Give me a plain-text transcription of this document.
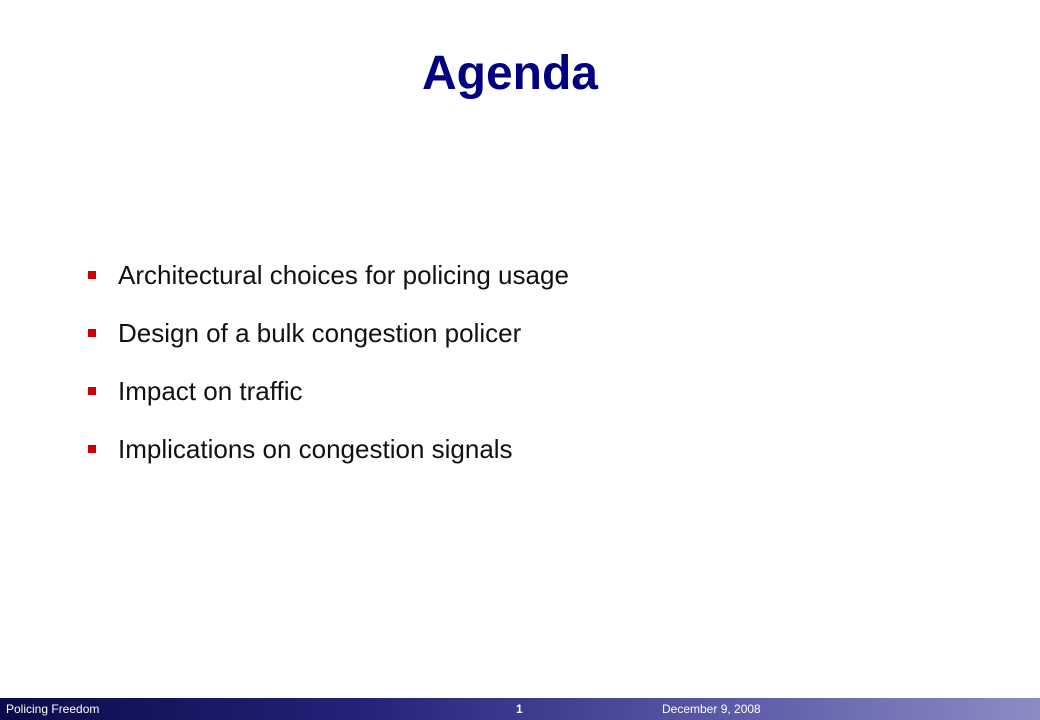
Agenda
Architectural choices for policing usage
Design of a bulk congestion policer
Impact on traffic
Implications on congestion signals
Policing Freedom	1	December 9, 2008
